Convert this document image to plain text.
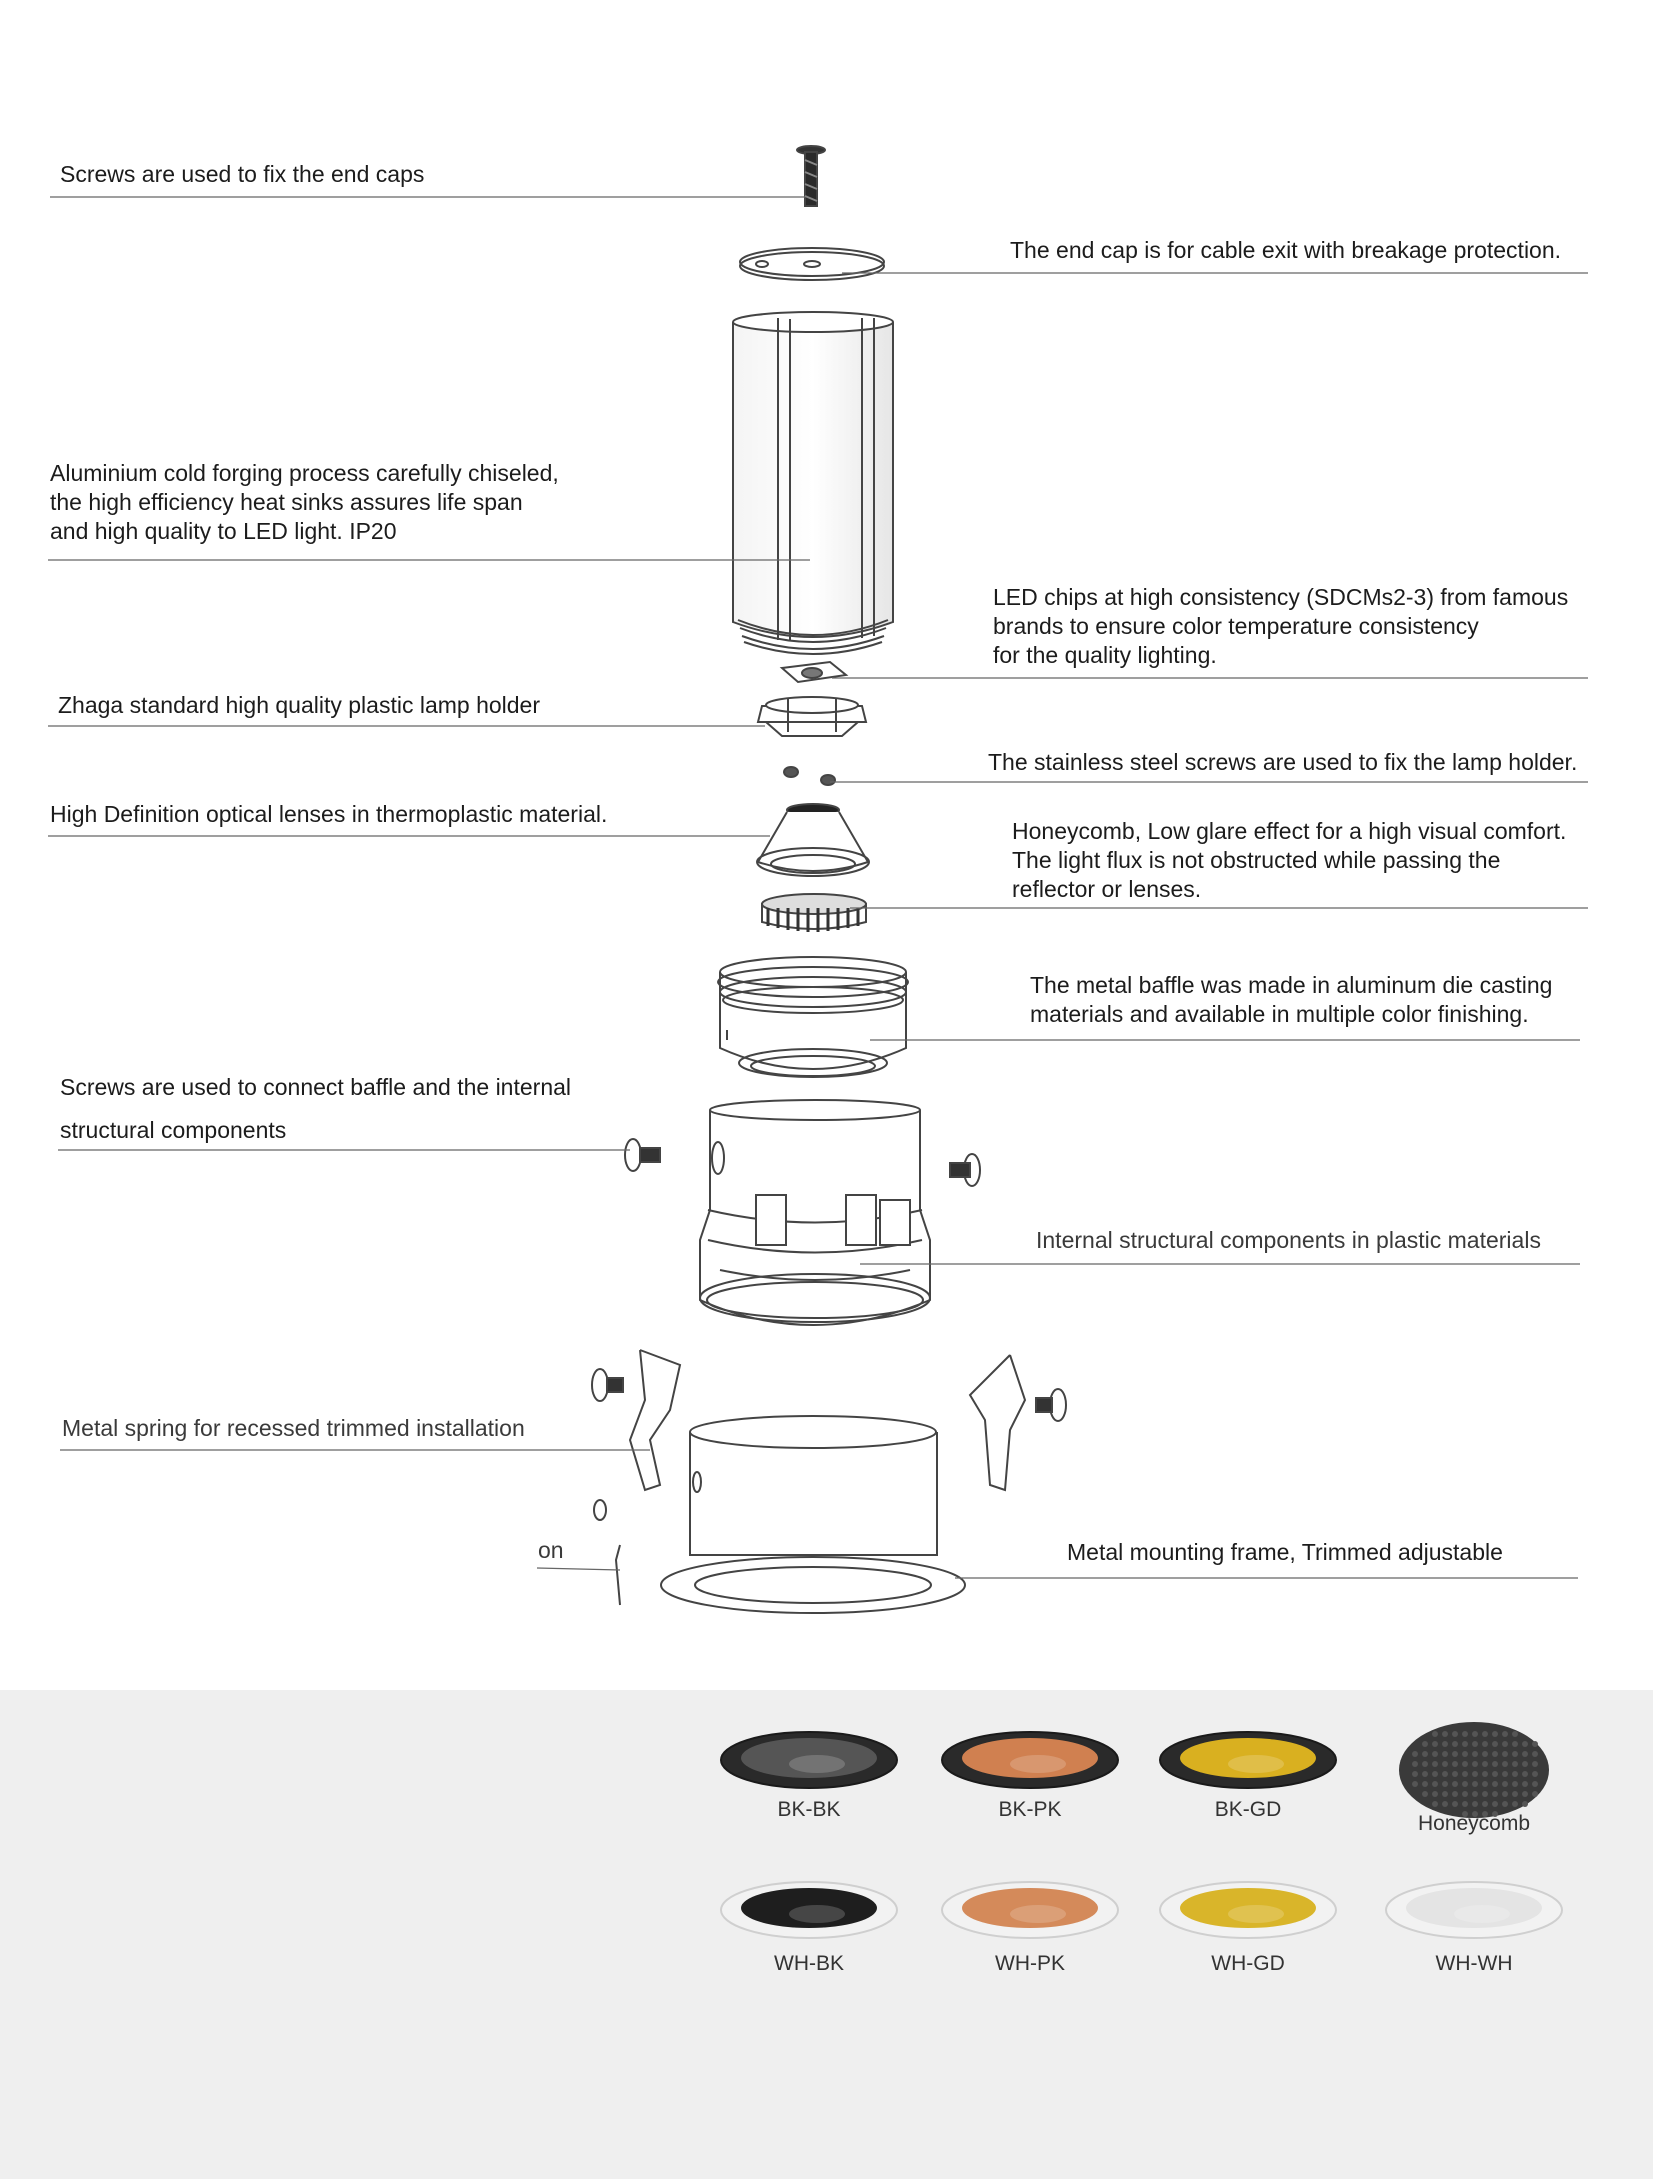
Screws are used to fix the end caps
The end cap is for cable exit with breakage protection.
Aluminium cold forging process carefully chiseled,
the high efficiency heat sinks assures life span
and high quality to LED light. IP20
LED chips at high consistency (SDCMs2-3) from famous
brands to ensure color temperature consistency
for the quality lighting.
Zhaga standard high quality plastic lamp holder
The stainless steel screws are used to fix the lamp holder.
High Definition optical lenses in thermoplastic material.
Honeycomb, Low glare effect for a high visual comfort.
The light flux is not obstructed while passing the
reflector or lenses.
The metal baffle was made in aluminum die casting
materials and available in multiple color finishing.
Screws are used to connect baffle and the internal
structural components
Internal structural components in plastic materials
Metal spring for recessed trimmed installation
on	Metal mounting frame, Trimmed adjustable
BK-BK	BK-PK	BK-GD
Honeycomb
WH-BK	WH-PK	WH-GD	WH-WH
